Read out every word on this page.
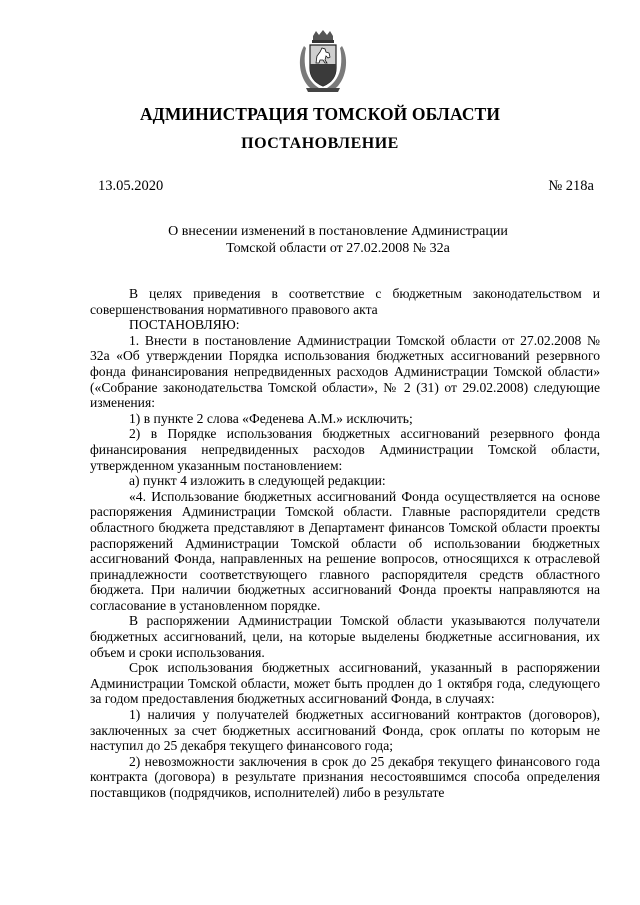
АДМИНИСТРАЦИЯ ТОМСКОЙ ОБЛАСТИ
ПОСТАНОВЛЕНИЕ
13.05.2020	№ 218а
О внесении изменений в постановление Администрации
Томской области от 27.02.2008 № 32а

В целях приведения в соответствие с бюджетным законодательством и совершенствования нормативного правового акта

ПОСТАНОВЛЯЮ:

1. Внести в постановление Администрации Томской области от 27.02.2008 № 32а «Об утверждении Порядка использования бюджетных ассигнований резервного фонда финансирования непредвиденных расходов Администрации Томской области» («Собрание законодательства Томской области», № 2 (31) от 29.02.2008) следующие изменения:

1) в пункте 2 слова «Феденева А.М.» исключить;

2) в Порядке использования бюджетных ассигнований резервного фонда финансирования непредвиденных расходов Администрации Томской области, утвержденном указанным постановлением:

а) пункт 4 изложить в следующей редакции:

«4. Использование бюджетных ассигнований Фонда осуществляется на основе распоряжения Администрации Томской области. Главные распорядители средств областного бюджета представляют в Департамент финансов Томской области проекты распоряжений Администрации Томской области об использовании бюджетных ассигнований Фонда, направленных на решение вопросов, относящихся к отраслевой принадлежности соответствующего главного распорядителя средств областного бюджета. При наличии бюджетных ассигнований Фонда проекты направляются на согласование в установленном порядке.

В распоряжении Администрации Томской области указываются получатели бюджетных ассигнований, цели, на которые выделены бюджетные ассигнования, их объем и сроки использования.

Срок использования бюджетных ассигнований, указанный в распоряжении Администрации Томской области, может быть продлен до 1 октября года, следующего за годом предоставления бюджетных ассигнований Фонда, в случаях:

1) наличия у получателей бюджетных ассигнований контрактов (договоров), заключенных за счет бюджетных ассигнований Фонда, срок оплаты по которым не наступил до 25 декабря текущего финансового года;

2) невозможности заключения в срок до 25 декабря текущего финансового года контракта (договора) в результате признания несостоявшимся способа определения поставщиков (подрядчиков, исполнителей) либо в результате
